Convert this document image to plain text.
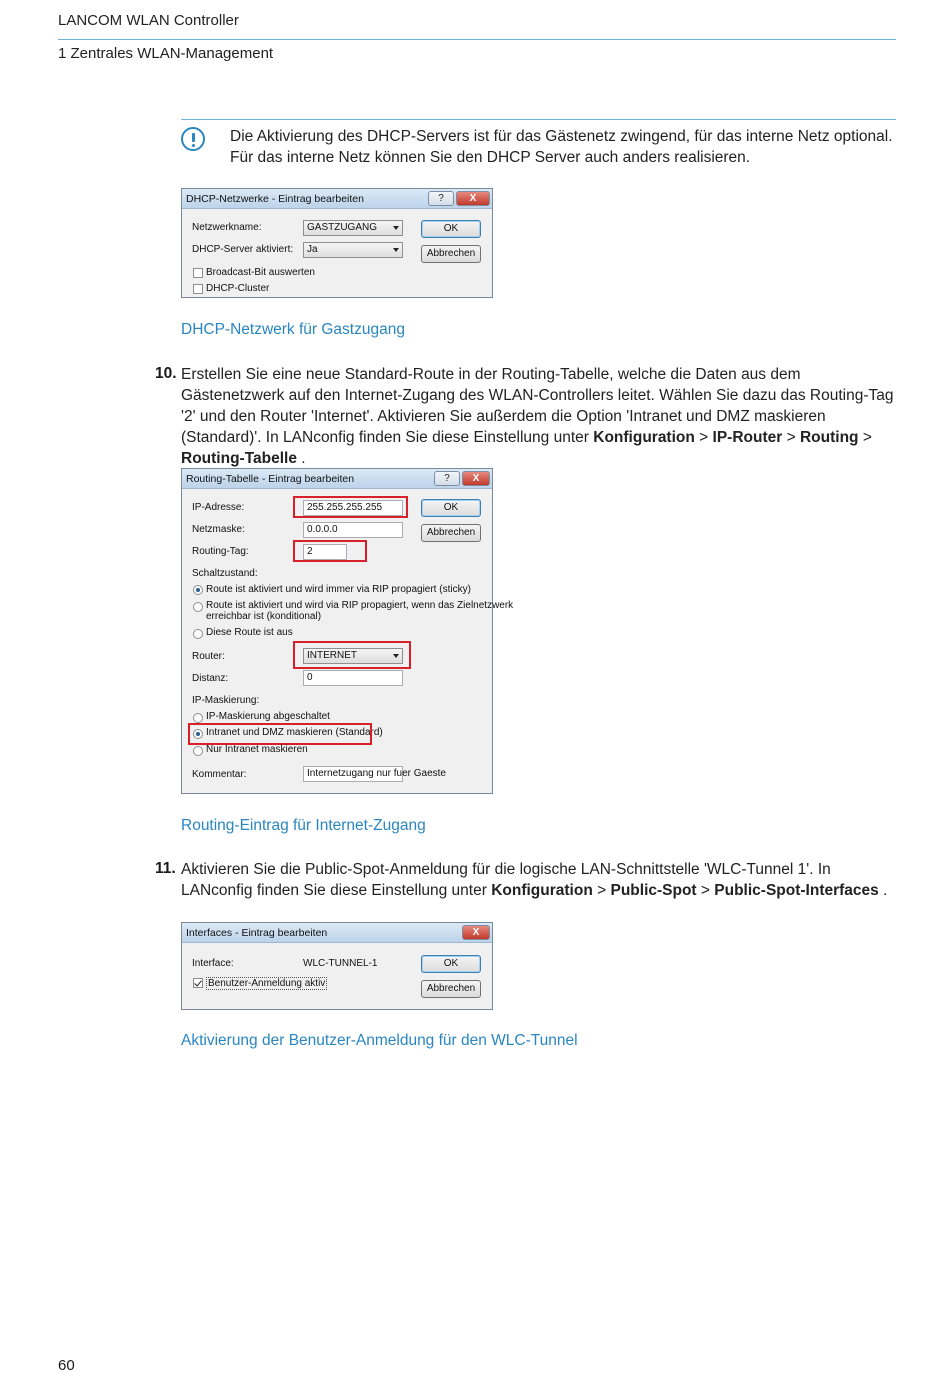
LANCOM WLAN Controller
1 Zentrales WLAN-Management
Die Aktivierung des DHCP-Servers ist für das Gästenetz zwingend, für das interne Netz optional. Für das interne Netz können Sie den DHCP Server auch anders realisieren.
DHCP-Netzwerke - Eintrag bearbeiten	?	X
Netzwerkname:	GASTZUGANG
DHCP-Server aktiviert:	Ja
Broadcast-Bit auswerten
DHCP-Cluster
OK
Abbrechen
DHCP-Netzwerk für Gastzugang
10. Erstellen Sie eine neue Standard-Route in der Routing-Tabelle, welche die Daten aus dem Gästenetzwerk auf den Internet-Zugang des WLAN-Controllers leitet. Wählen Sie dazu das Routing-Tag '2' und den Router 'Internet'. Aktivieren Sie außerdem die Option 'Intranet und DMZ maskieren (Standard)'. In LANconfig finden Sie diese Einstellung unter Konfiguration > IP-Router > Routing > Routing-Tabelle .
Routing-Tabelle - Eintrag bearbeiten	?	X
IP-Adresse:	255.255.255.255
Netzmaske:	0.0.0.0
Routing-Tag:	2
Schaltzustand:
Route ist aktiviert und wird immer via RIP propagiert (sticky)
Route ist aktiviert und wird via RIP propagiert, wenn das Zielnetzwerk
erreichbar ist (konditional)
Diese Route ist aus
Router:	INTERNET
Distanz:	0
IP-Maskierung:
IP-Maskierung abgeschaltet
Intranet und DMZ maskieren (Standard)
Nur Intranet maskieren
Kommentar:	Internetzugang nur fuer Gaeste
OK
Abbrechen
Routing-Eintrag für Internet-Zugang
11. Aktivieren Sie die Public-Spot-Anmeldung für die logische LAN-Schnittstelle 'WLC-Tunnel 1'. In LANconfig finden Sie diese Einstellung unter Konfiguration > Public-Spot > Public-Spot-Interfaces .
Interfaces - Eintrag bearbeiten	X
Interface:	WLC-TUNNEL-1
Benutzer-Anmeldung aktiv
OK
Abbrechen
Aktivierung der Benutzer-Anmeldung für den WLC-Tunnel
60
